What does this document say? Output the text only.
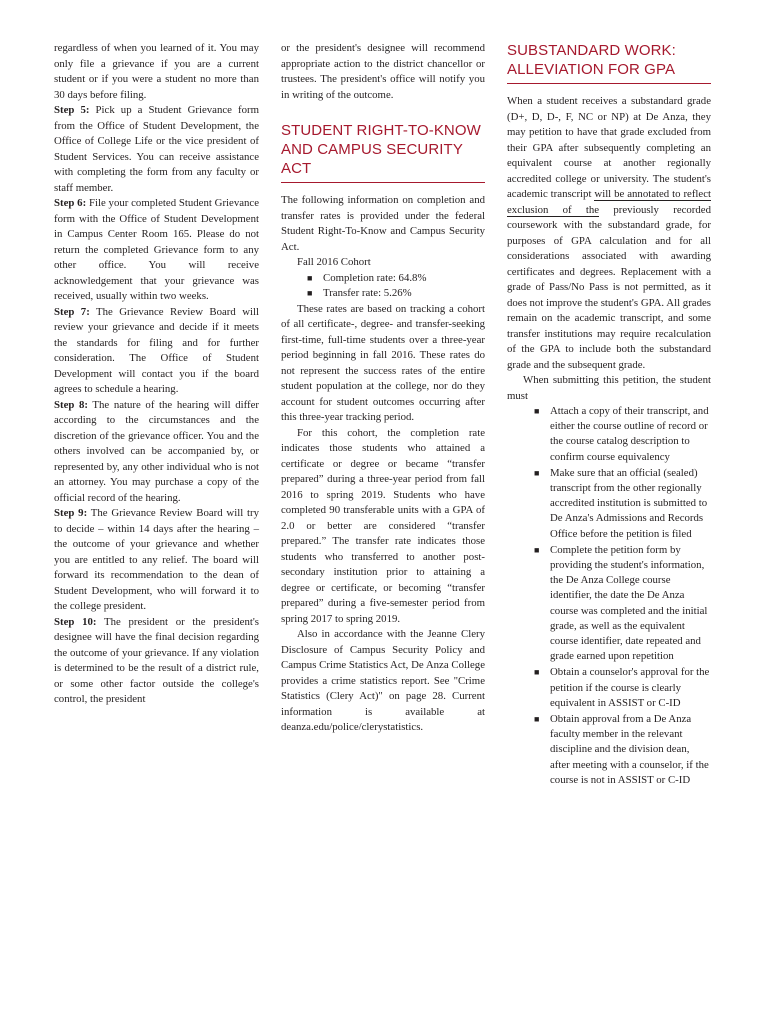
regardless of when you learned of it. You may only file a grievance if you are a current student or if you were a student no more than 30 days before filing.

Step 5: Pick up a Student Grievance form from the Office of Student Development, the Office of College Life or the vice president of Student Services. You can receive assistance with completing the form from any faculty or staff member.

Step 6: File your completed Student Grievance form with the Office of Student Development in Campus Center Room 165. Please do not return the completed Grievance form to any other office. You will receive acknowledgement that your grievance was received, usually within two weeks.

Step 7: The Grievance Review Board will review your grievance and decide if it meets the standards for filing and for further consideration. The Office of Student Development will contact you if the board agrees to schedule a hearing.

Step 8: The nature of the hearing will differ according to the circumstances and the discretion of the grievance officer. You and the others involved can be accompanied by, or represented by, any other individual who is not an attorney. You may purchase a copy of the official record of the hearing.

Step 9: The Grievance Review Board will try to decide – within 14 days after the hearing – the outcome of your grievance and whether you are entitled to any relief. The board will forward its recommendation to the dean of Student Development, who will forward it to the college president.

Step 10: The president or the president's designee will have the final decision regarding the outcome of your grievance. If any violation is determined to be the result of a district rule, or some other factor outside the college's control, the president

or the president's designee will recommend appropriate action to the district chancellor or trustees. The president's office will notify you in writing of the outcome.

STUDENT RIGHT-TO-KNOW AND CAMPUS SECURITY ACT

The following information on completion and transfer rates is provided under the federal Student Right-To-Know and Campus Security Act.

Fall 2016 Cohort

■ Completion rate: 64.8%
■ Transfer rate: 5.26%

These rates are based on tracking a cohort of all certificate-, degree- and transfer-seeking first-time, full-time students over a three-year period beginning in fall 2016. These rates do not represent the success rates of the entire student population at the college, nor do they account for student outcomes occurring after this three-year tracking period.

For this cohort, the completion rate indicates those students who attained a certificate or degree or became “transfer prepared” during a three-year period from fall 2016 to spring 2019. Students who have completed 90 transferable units with a GPA of 2.0 or better are considered “transfer prepared.” The transfer rate indicates those students who transferred to another post-secondary institution prior to attaining a degree or certificate, or becoming “transfer prepared” during a five-semester period from spring 2017 to spring 2019.

Also in accordance with the Jeanne Clery Disclosure of Campus Security Policy and Campus Crime Statistics Act, De Anza College provides a crime statistics report. See "Crime Statistics (Clery Act)" on page 28. Current information is available at deanza.edu/police/clerystatistics.

SUBSTANDARD WORK: ALLEVIATION FOR GPA

When a student receives a substandard grade (D+, D, D-, F, NC or NP) at De Anza, they may petition to have that grade excluded from their GPA after subsequently completing an equivalent course at another regionally accredited college or university. The student's academic transcript will be annotated to reflect exclusion of the previously recorded coursework with the substandard grade, for purposes of GPA calculation and for all considerations associated with awarding certificates and degrees. Replacement with a grade of Pass/No Pass is not permitted, as it does not improve the student's GPA. All grades remain on the academic transcript, and some transfer institutions may require recalculation of the GPA to include both the substandard grade and the subsequent grade.

When submitting this petition, the student must

■ Attach a copy of their transcript, and either the course outline of record or the course catalog description to confirm course equivalency
■ Make sure that an official (sealed) transcript from the other regionally accredited institution is submitted to De Anza's Admissions and Records Office before the petition is filed
■ Complete the petition form by providing the student's information, the De Anza College course identifier, the date the De Anza course was completed and the initial grade, as well as the equivalent course identifier, date repeated and grade earned upon repetition
■ Obtain a counselor's approval for the petition if the course is clearly equivalent in ASSIST or C-ID
■ Obtain approval from a De Anza faculty member in the relevant discipline and the division dean, after meeting with a counselor, if the course is not in ASSIST or C-ID
